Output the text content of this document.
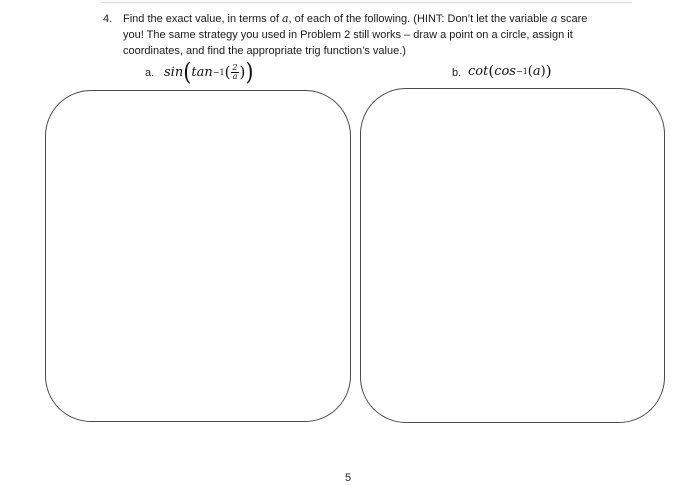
4. Find the exact value, in terms of a, of each of the following. (HINT: Don’t let the variable a scare
you! The same strategy you used in Problem 2 still works – draw a point on a circle, assign it
coordinates, and find the appropriate trig function’s value.)
a. sin ( tan −1 ( $\frac{2}{a}$ ) )	b. cot ( cos −1 ( a ) )
5
